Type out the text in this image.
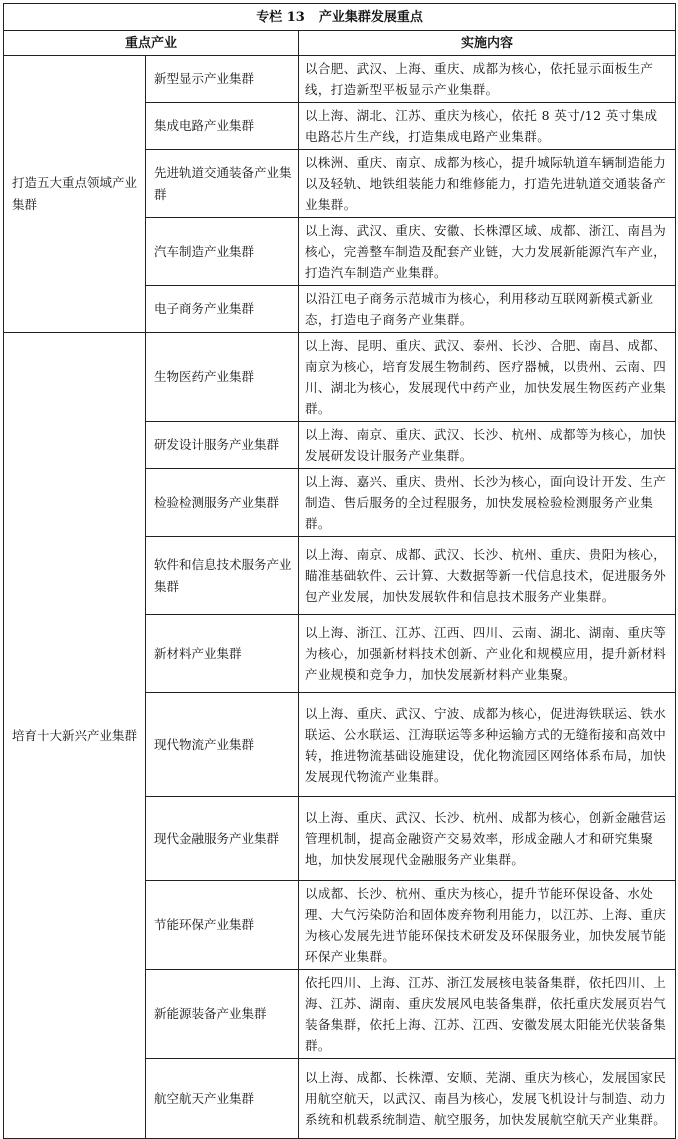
专栏 13 产业集群发展重点		
重点产业		实施内容
打造五大重点领域产业集群	新型显示产业集群	以合肥、武汉、上海、重庆、成都为核心，依托显示面板生产线，打造新型平板显示产业集群。
	集成电路产业集群	以上海、湖北、江苏、重庆为核心，依托 8 英寸/12 英寸集成电路芯片生产线，打造集成电路产业集群。
	先进轨道交通装备产业集群	以株洲、重庆、南京、成都为核心，提升城际轨道车辆制造能力以及轻轨、地铁组装能力和维修能力，打造先进轨道交通装备产业集群。
	汽车制造产业集群	以上海、武汉、重庆、安徽、长株潭区域、成都、浙江、南昌为核心，完善整车制造及配套产业链，大力发展新能源汽车产业，打造汽车制造产业集群。
	电子商务产业集群	以沿江电子商务示范城市为核心，利用移动互联网新模式新业态，打造电子商务产业集群。
培育十大新兴产业集群	生物医药产业集群	以上海、昆明、重庆、武汉、泰州、长沙、合肥、南昌、成都、南京为核心，培育发展生物制药、医疗器械，以贵州、云南、四川、湖北为核心，发展现代中药产业，加快发展生物医药产业集群。
	研发设计服务产业集群	以上海、南京、重庆、武汉、长沙、杭州、成都等为核心，加快发展研发设计服务产业集群。
	检验检测服务产业集群	以上海、嘉兴、重庆、贵州、长沙为核心，面向设计开发、生产制造、售后服务的全过程服务，加快发展检验检测服务产业集群。
	软件和信息技术服务产业集群	以上海、南京、成都、武汉、长沙、杭州、重庆、贵阳为核心，瞄准基础软件、云计算、大数据等新一代信息技术，促进服务外包产业发展，加快发展软件和信息技术服务产业集群。
	新材料产业集群	以上海、浙江、江苏、江西、四川、云南、湖北、湖南、重庆等为核心，加强新材料技术创新、产业化和规模应用，提升新材料产业规模和竞争力，加快发展新材料产业集聚。
	现代物流产业集群	以上海、重庆、武汉、宁波、成都为核心，促进海铁联运、铁水联运、公水联运、江海联运等多种运输方式的无缝衔接和高效中转，推进物流基础设施建设，优化物流园区网络体系布局，加快发展现代物流产业集群。
	现代金融服务产业集群	以上海、重庆、武汉、长沙、杭州、成都为核心，创新金融营运管理机制，提高金融资产交易效率，形成金融人才和研究集聚地，加快发展现代金融服务产业集群。
	节能环保产业集群	以成都、长沙、杭州、重庆为核心，提升节能环保设备、水处理、大气污染防治和固体废弃物利用能力，以江苏、上海、重庆为核心发展先进节能环保技术研发及环保服务业，加快发展节能环保产业集群。
	新能源装备产业集群	依托四川、上海、江苏、浙江发展核电装备集群，依托四川、上海、江苏、湖南、重庆发展风电装备集群，依托重庆发展页岩气装备集群，依托上海、江苏、江西、安徽发展太阳能光伏装备集群。
	航空航天产业集群	以上海、成都、长株潭、安顺、芜湖、重庆为核心，发展国家民用航空航天，以武汉、南昌为核心，发展飞机设计与制造、动力系统和机载系统制造、航空服务，加快发展航空航天产业集群。
